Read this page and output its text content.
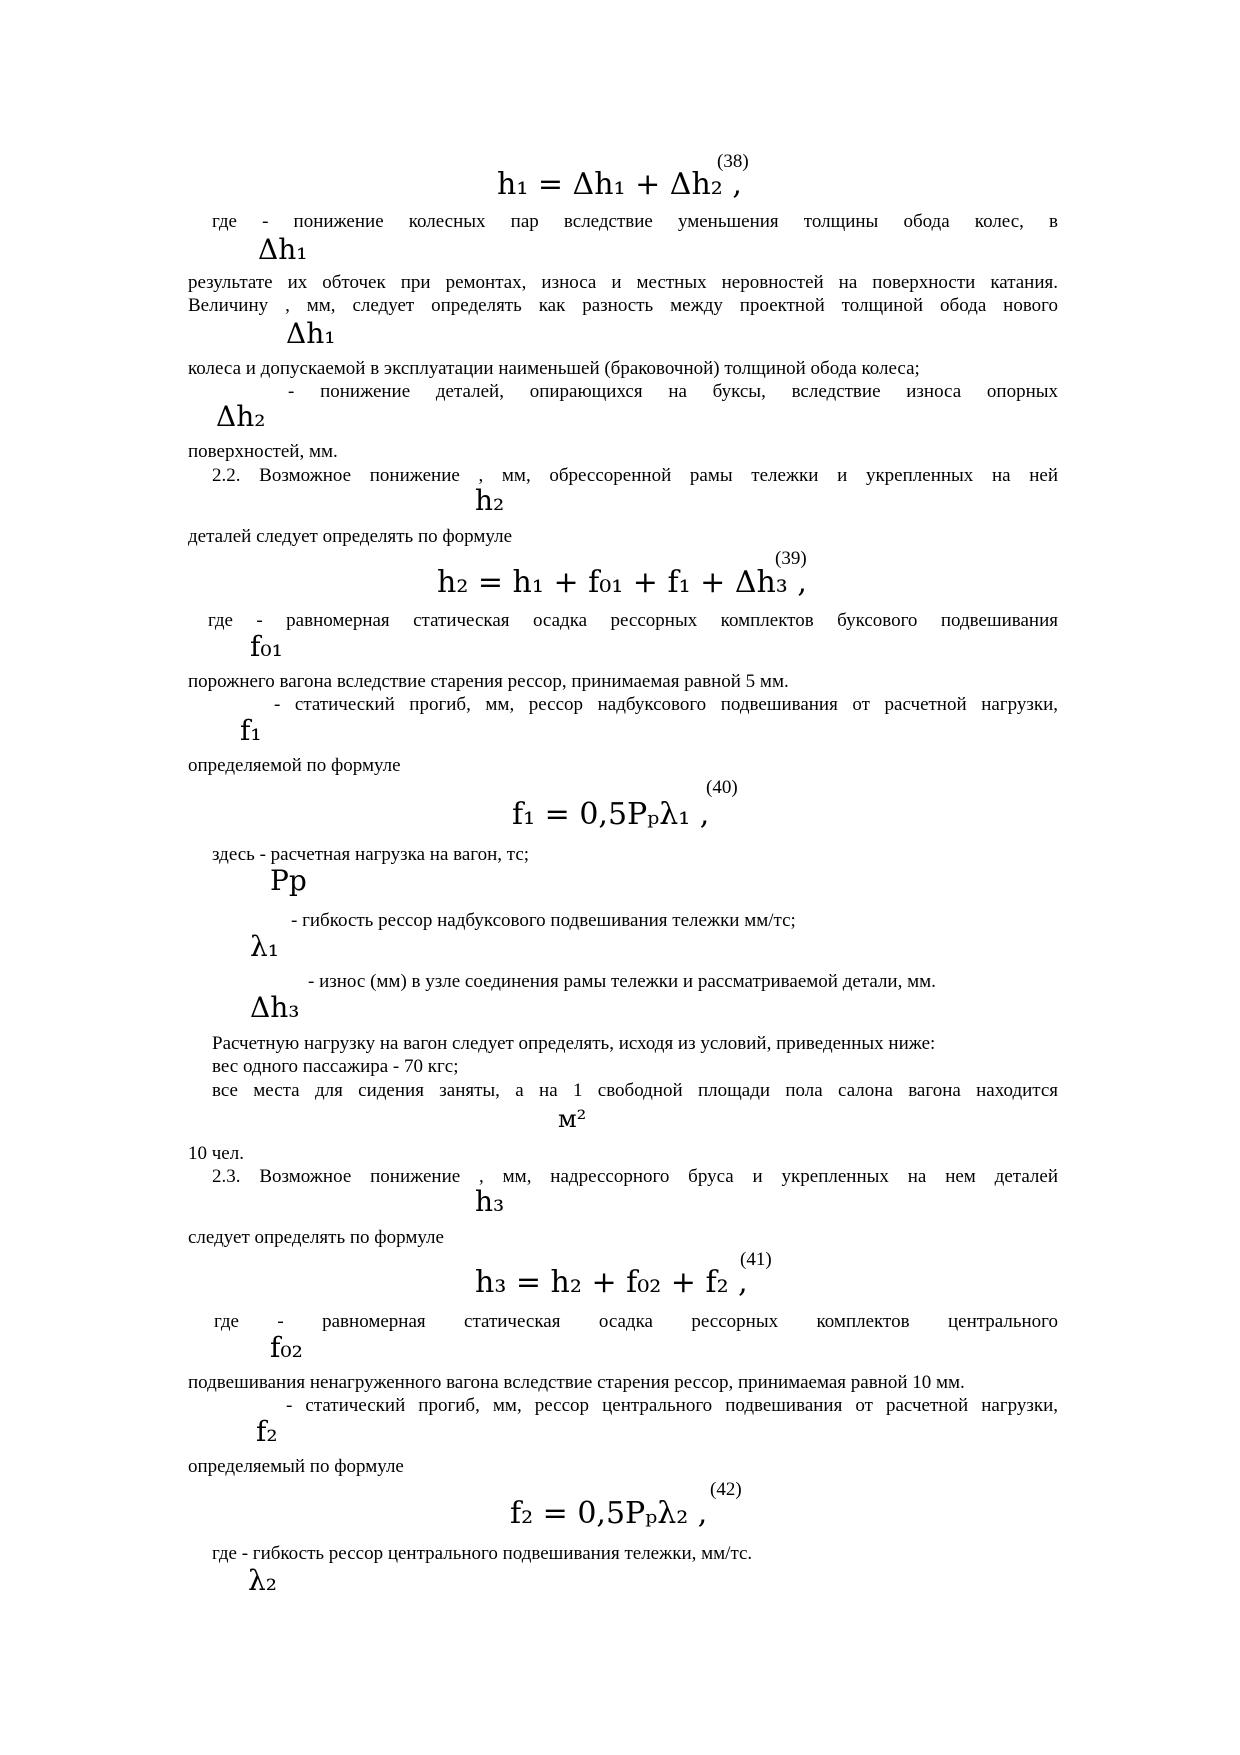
(38)
h₁ = Δh₁ + Δh₂ ,
где - понижение колесных пар вследствие уменьшения толщины обода колес, в
Δh₁
результате их обточек при ремонтах, износа и местных неровностей на поверхности катания.
Величину , мм, следует определять как разность между проектной толщиной обода нового
Δh₁
колеса и допускаемой в эксплуатации наименьшей (браковочной) толщиной обода колеса;
- понижение деталей, опирающихся на буксы, вследствие износа опорных
Δh₂
поверхностей, мм.
2.2. Возможное понижение , мм, обрессоренной рамы тележки и укрепленных на ней
h₂
деталей следует определять по формуле
(39)
h₂ = h₁ + f₀₁ + f₁ + Δh₃ ,
где - равномерная статическая осадка рессорных комплектов буксового подвешивания
f₀₁
порожнего вагона вследствие старения рессор, принимаемая равной 5 мм.
- статический прогиб, мм, рессор надбуксового подвешивания от расчетной нагрузки,
f₁
определяемой по формуле
(40)
f₁ = 0,5Pₚλ₁ ,
здесь - расчетная нагрузка на вагон, тс;
Pр
- гибкость рессор надбуксового подвешивания тележки мм/тс;
λ₁
- износ (мм) в узле соединения рамы тележки и рассматриваемой детали, мм.
Δh₃
Расчетную нагрузку на вагон следует определять, исходя из условий, приведенных ниже:
вес одного пассажира - 70 кгс;
все места для сидения заняты, а на 1 свободной площади пола салона вагона находится
м²
10 чел.
2.3. Возможное понижение , мм, надрессорного бруса и укрепленных на нем деталей
h₃
следует определять по формуле
(41)
h₃ = h₂ + f₀₂ + f₂ ,
где - равномерная статическая осадка рессорных комплектов центрального
f₀₂
подвешивания ненагруженного вагона вследствие старения рессор, принимаемая равной 10 мм.
- статический прогиб, мм, рессор центрального подвешивания от расчетной нагрузки,
f₂
определяемый по формуле
(42)
f₂ = 0,5Pₚλ₂ ,
где - гибкость рессор центрального подвешивания тележки, мм/тс.
λ₂
